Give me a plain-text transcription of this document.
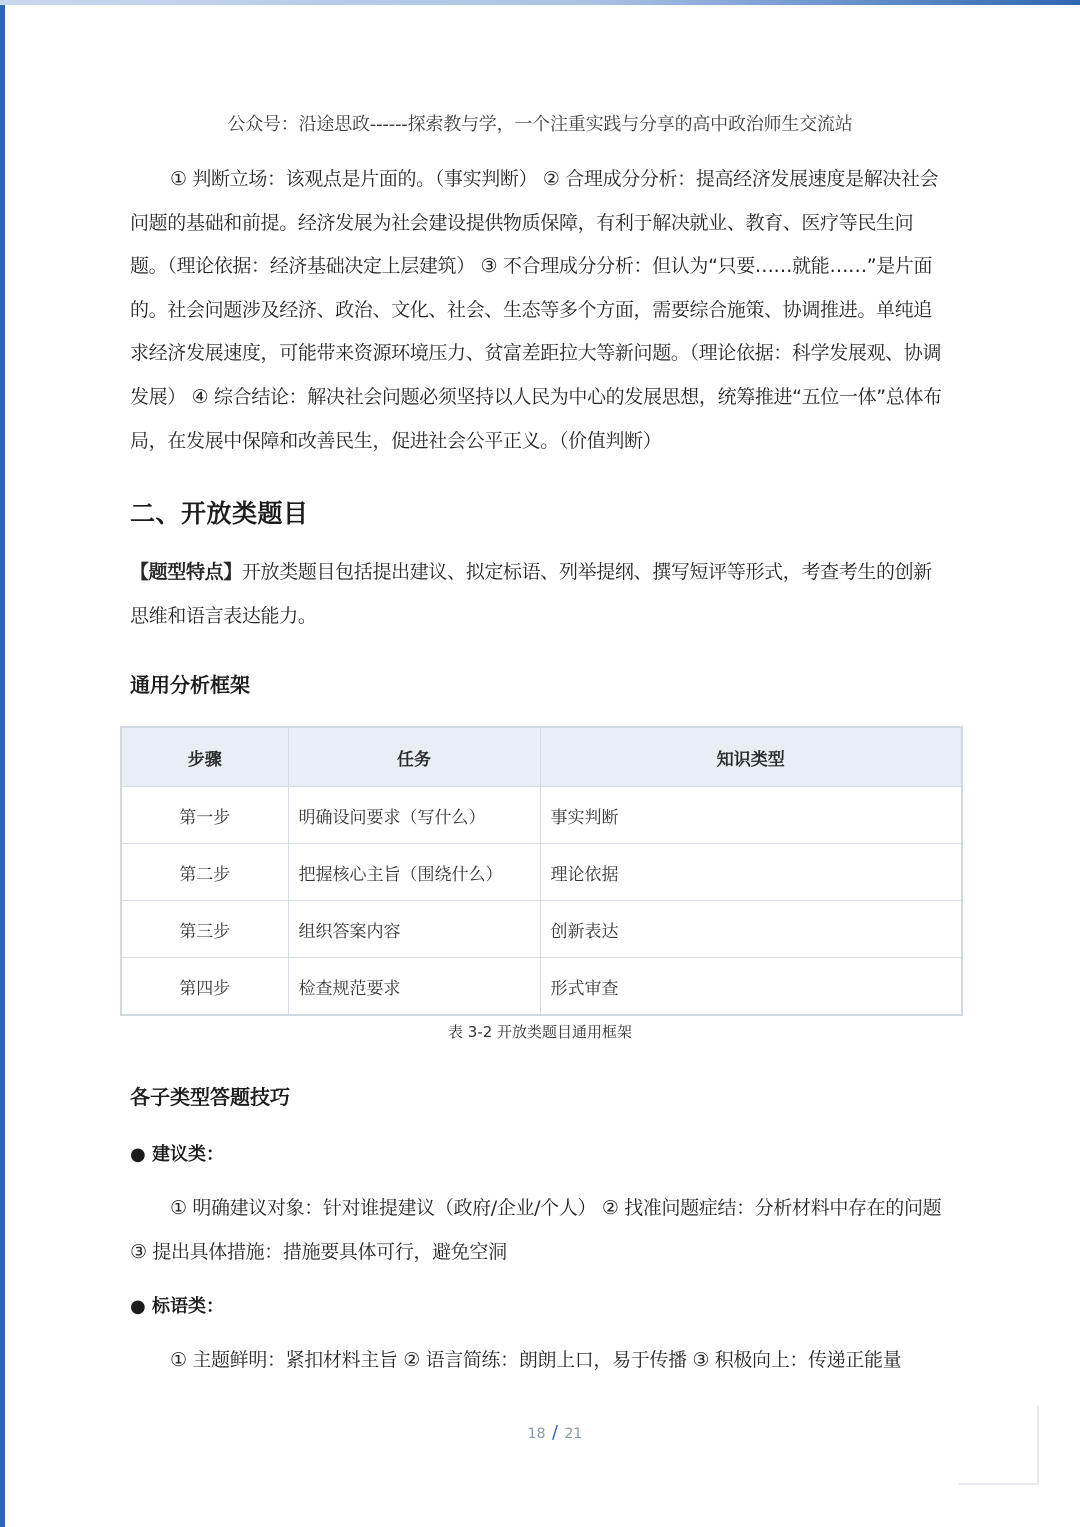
公众号：沿途思政------探索教与学，一个注重实践与分享的高中政治师生交流站

① 判断立场：该观点是片面的。（事实判断） ② 合理成分分析：提高经济发展速度是解决社会问题的基础和前提。经济发展为社会建设提供物质保障，有利于解决就业、教育、医疗等民生问题。（理论依据：经济基础决定上层建筑） ③ 不合理成分分析：但认为“只要……就能……”是片面的。社会问题涉及经济、政治、文化、社会、生态等多个方面，需要综合施策、协调推进。单纯追求经济发展速度，可能带来资源环境压力、贫富差距拉大等新问题。（理论依据：科学发展观、协调发展） ④ 综合结论：解决社会问题必须坚持以人民为中心的发展思想，统筹推进“五位一体”总体布局，在发展中保障和改善民生，促进社会公平正义。（价值判断）

二、开放类题目

【题型特点】开放类题目包括提出建议、拟定标语、列举提纲、撰写短评等形式，考查考生的创新思维和语言表达能力。

通用分析框架
步骤	任务	知识类型
第一步	明确设问要求（写什么）	事实判断
第二步	把握核心主旨（围绕什么）	理论依据
第三步	组织答案内容	创新表达
第四步	检查规范要求	形式审查
表 3-2 开放类题目通用框架
各子类型答题技巧

● 建议类：

① 明确建议对象：针对谁提建议（政府/企业/个人） ② 找准问题症结：分析材料中存在的问题 ③ 提出具体措施：措施要具体可行，避免空洞

● 标语类：

① 主题鲜明：紧扣材料主旨 ② 语言简练：朗朗上口，易于传播 ③ 积极向上：传递正能量

18 / 21
